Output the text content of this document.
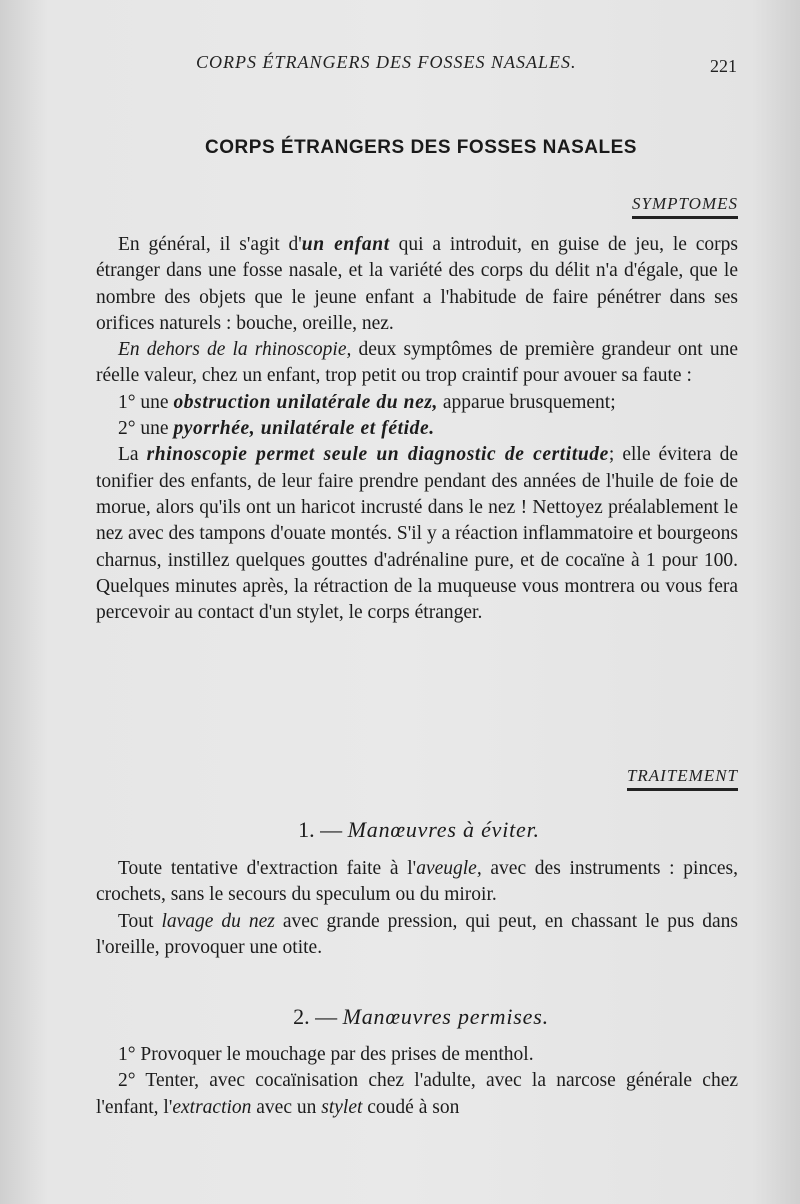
CORPS ÉTRANGERS DES FOSSES NASALES.	221
CORPS ÉTRANGERS DES FOSSES NASALES
SYMPTOMES

En général, il s'agit d'un enfant qui a introduit, en guise de jeu, le corps étranger dans une fosse nasale, et la variété des corps du délit n'a d'égale, que le nombre des objets que le jeune enfant a l'habitude de faire pénétrer dans ses orifices naturels : bouche, oreille, nez.

En dehors de la rhinoscopie, deux symptômes de première grandeur ont une réelle valeur, chez un enfant, trop petit ou trop craintif pour avouer sa faute :

1° une obstruction unilatérale du nez, apparue brusquement;

2° une pyorrhée, unilatérale et fétide.

La rhinoscopie permet seule un diagnostic de certitude; elle évitera de tonifier des enfants, de leur faire prendre pendant des années de l'huile de foie de morue, alors qu'ils ont un haricot incrusté dans le nez ! Nettoyez préalablement le nez avec des tampons d'ouate montés. S'il y a réaction inflammatoire et bourgeons charnus, instillez quelques gouttes d'adrénaline pure, et de cocaïne à 1 pour 100. Quelques minutes après, la rétraction de la muqueuse vous montrera ou vous fera percevoir au contact d'un stylet, le corps étranger.

TRAITEMENT
1. — Manœuvres à éviter.

Toute tentative d'extraction faite à l'aveugle, avec des instruments : pinces, crochets, sans le secours du speculum ou du miroir.

Tout lavage du nez avec grande pression, qui peut, en chassant le pus dans l'oreille, provoquer une otite.

2. — Manœuvres permises.

1° Provoquer le mouchage par des prises de menthol.

2° Tenter, avec cocaïnisation chez l'adulte, avec la narcose générale chez l'enfant, l'extraction avec un stylet coudé à son
